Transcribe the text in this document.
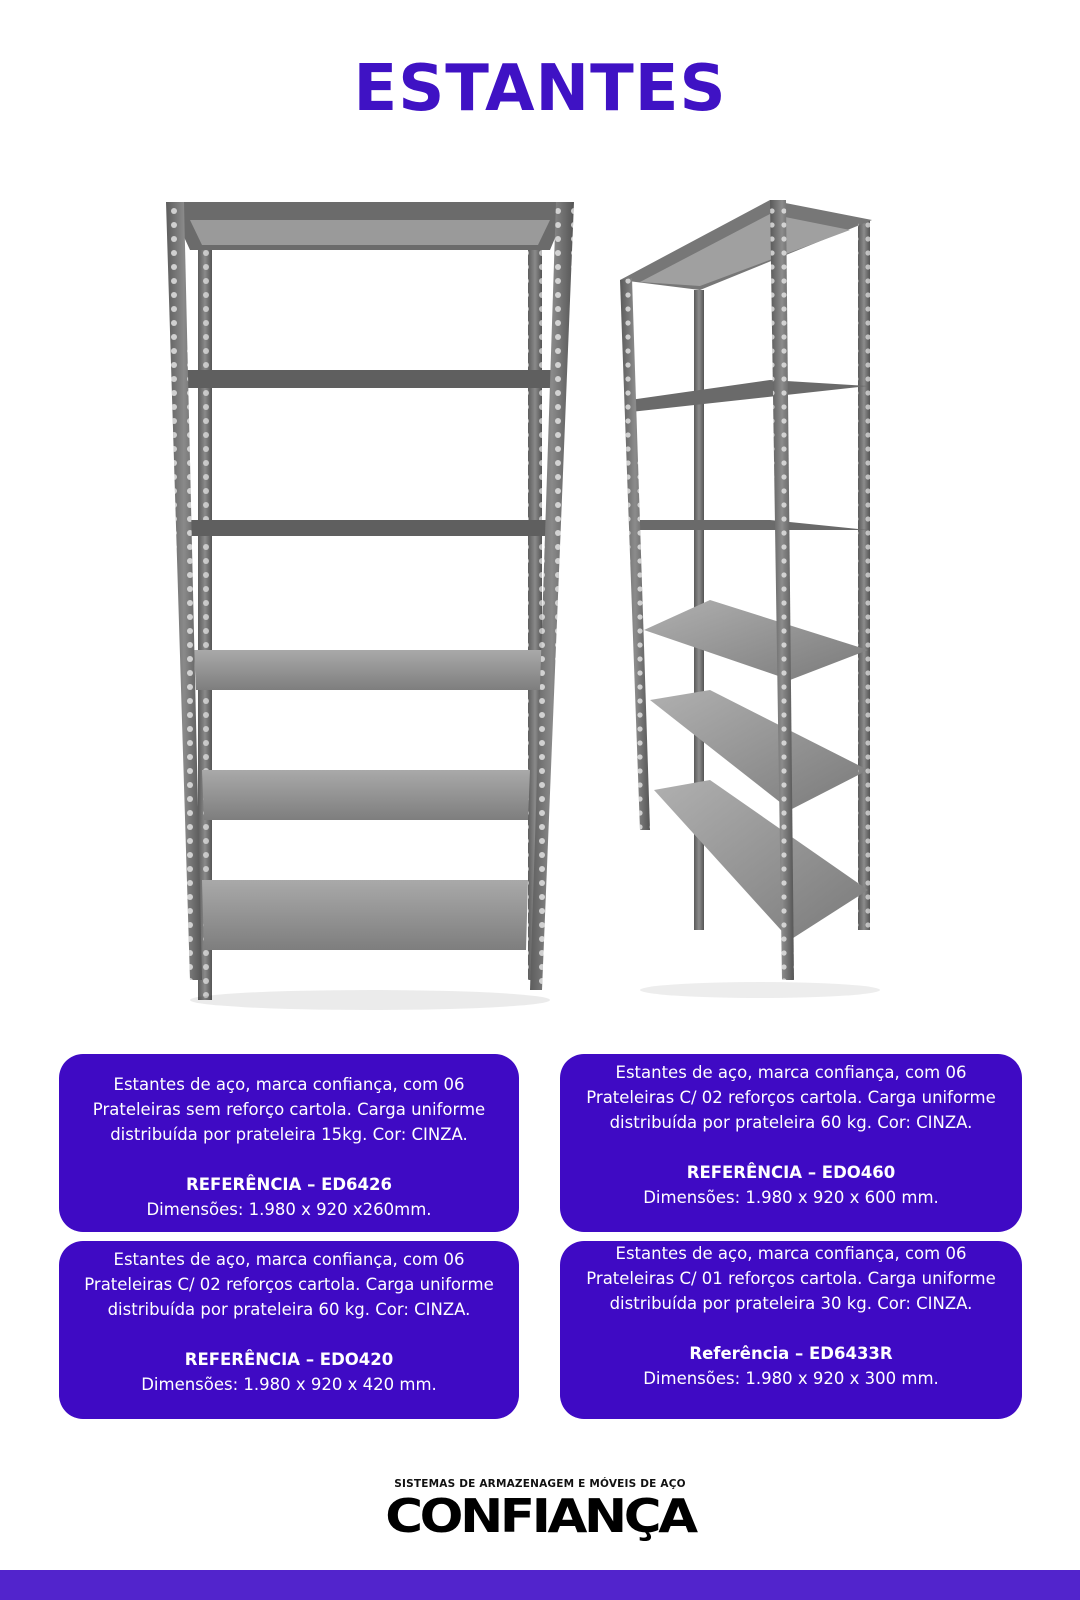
ESTANTES
Estantes de aço, marca confiança, com 06 Prateleiras sem reforço cartola. Carga uniforme distribuída por prateleira 15kg. Cor: CINZA.
REFERÊNCIA – ED6426
Dimensões: 1.980 x 920 x260mm.
Estantes de aço, marca confiança, com 06 Prateleiras C/ 02 reforços cartola. Carga uniforme distribuída por prateleira 60 kg. Cor: CINZA.
REFERÊNCIA – EDO460
Dimensões: 1.980 x 920 x 600 mm.
Estantes de aço, marca confiança, com 06 Prateleiras C/ 02 reforços cartola. Carga uniforme distribuída por prateleira 60 kg. Cor: CINZA.
REFERÊNCIA – EDO420
Dimensões: 1.980 x 920 x 420 mm.
Estantes de aço, marca confiança, com 06 Prateleiras C/ 01 reforços cartola. Carga uniforme distribuída por prateleira 30 kg. Cor: CINZA.
Referência – ED6433R
Dimensões: 1.980 x 920 x 300 mm.
SISTEMAS DE ARMAZENAGEM E MÓVEIS DE AÇO
CONFIANÇA
